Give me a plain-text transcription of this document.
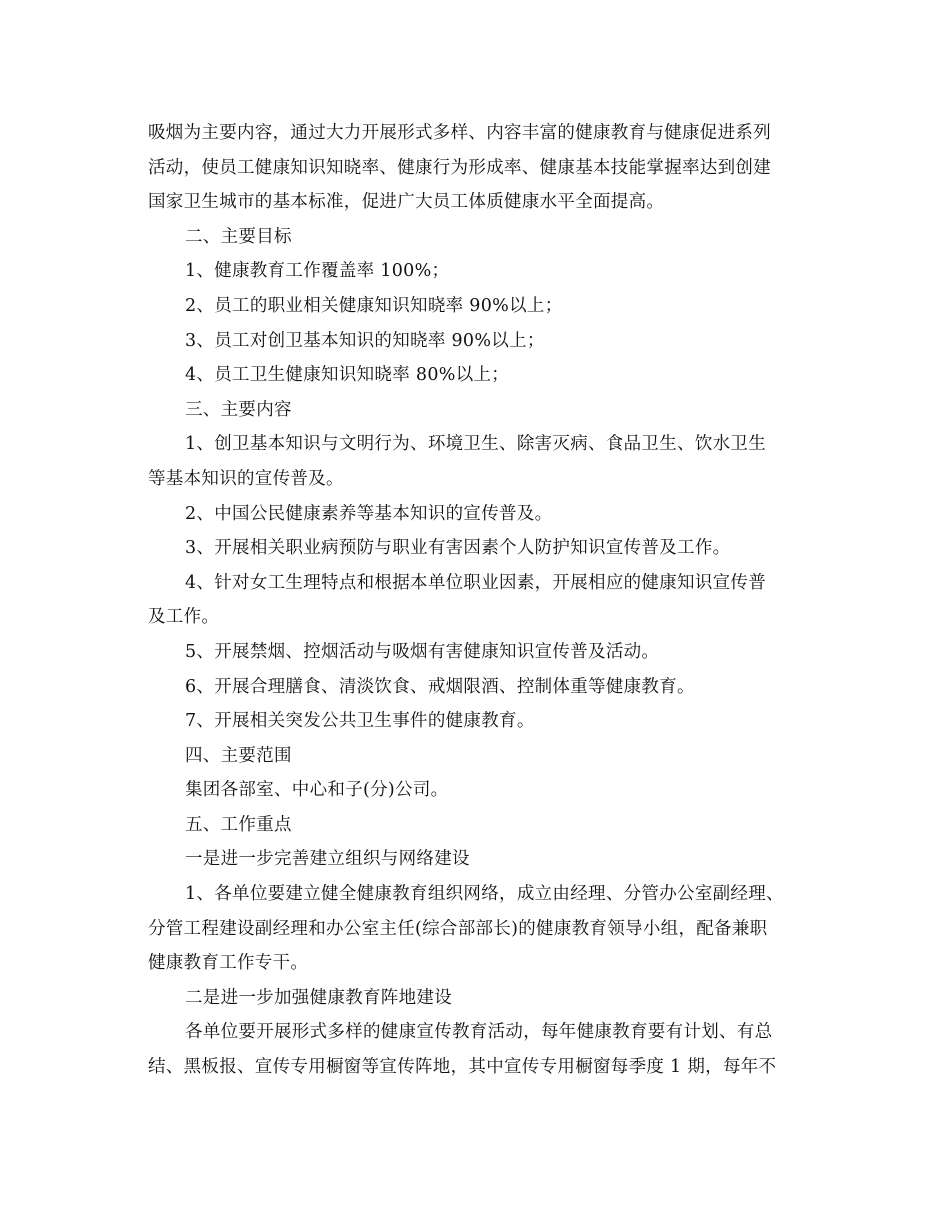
吸烟为主要内容，通过大力开展形式多样、内容丰富的健康教育与健康促进系列
活动，使员工健康知识知晓率、健康行为形成率、健康基本技能掌握率达到创建
国家卫生城市的基本标准，促进广大员工体质健康水平全面提高。
二、主要目标
1、健康教育工作覆盖率 100%；
2、员工的职业相关健康知识知晓率 90%以上；
3、员工对创卫基本知识的知晓率 90%以上；
4、员工卫生健康知识知晓率 80%以上；
三、主要内容
1、创卫基本知识与文明行为、环境卫生、除害灭病、食品卫生、饮水卫生
等基本知识的宣传普及。
2、中国公民健康素养等基本知识的宣传普及。
3、开展相关职业病预防与职业有害因素个人防护知识宣传普及工作。
4、针对女工生理特点和根据本单位职业因素，开展相应的健康知识宣传普
及工作。
5、开展禁烟、控烟活动与吸烟有害健康知识宣传普及活动。
6、开展合理膳食、清淡饮食、戒烟限酒、控制体重等健康教育。
7、开展相关突发公共卫生事件的健康教育。
四、主要范围
集团各部室、中心和子(分)公司。
五、工作重点
一是进一步完善建立组织与网络建设
1、各单位要建立健全健康教育组织网络，成立由经理、分管办公室副经理、
分管工程建设副经理和办公室主任(综合部部长)的健康教育领导小组，配备兼职
健康教育工作专干。
二是进一步加强健康教育阵地建设
各单位要开展形式多样的健康宣传教育活动，每年健康教育要有计划、有总
结、黑板报、宣传专用橱窗等宣传阵地，其中宣传专用橱窗每季度 1 期，每年不
